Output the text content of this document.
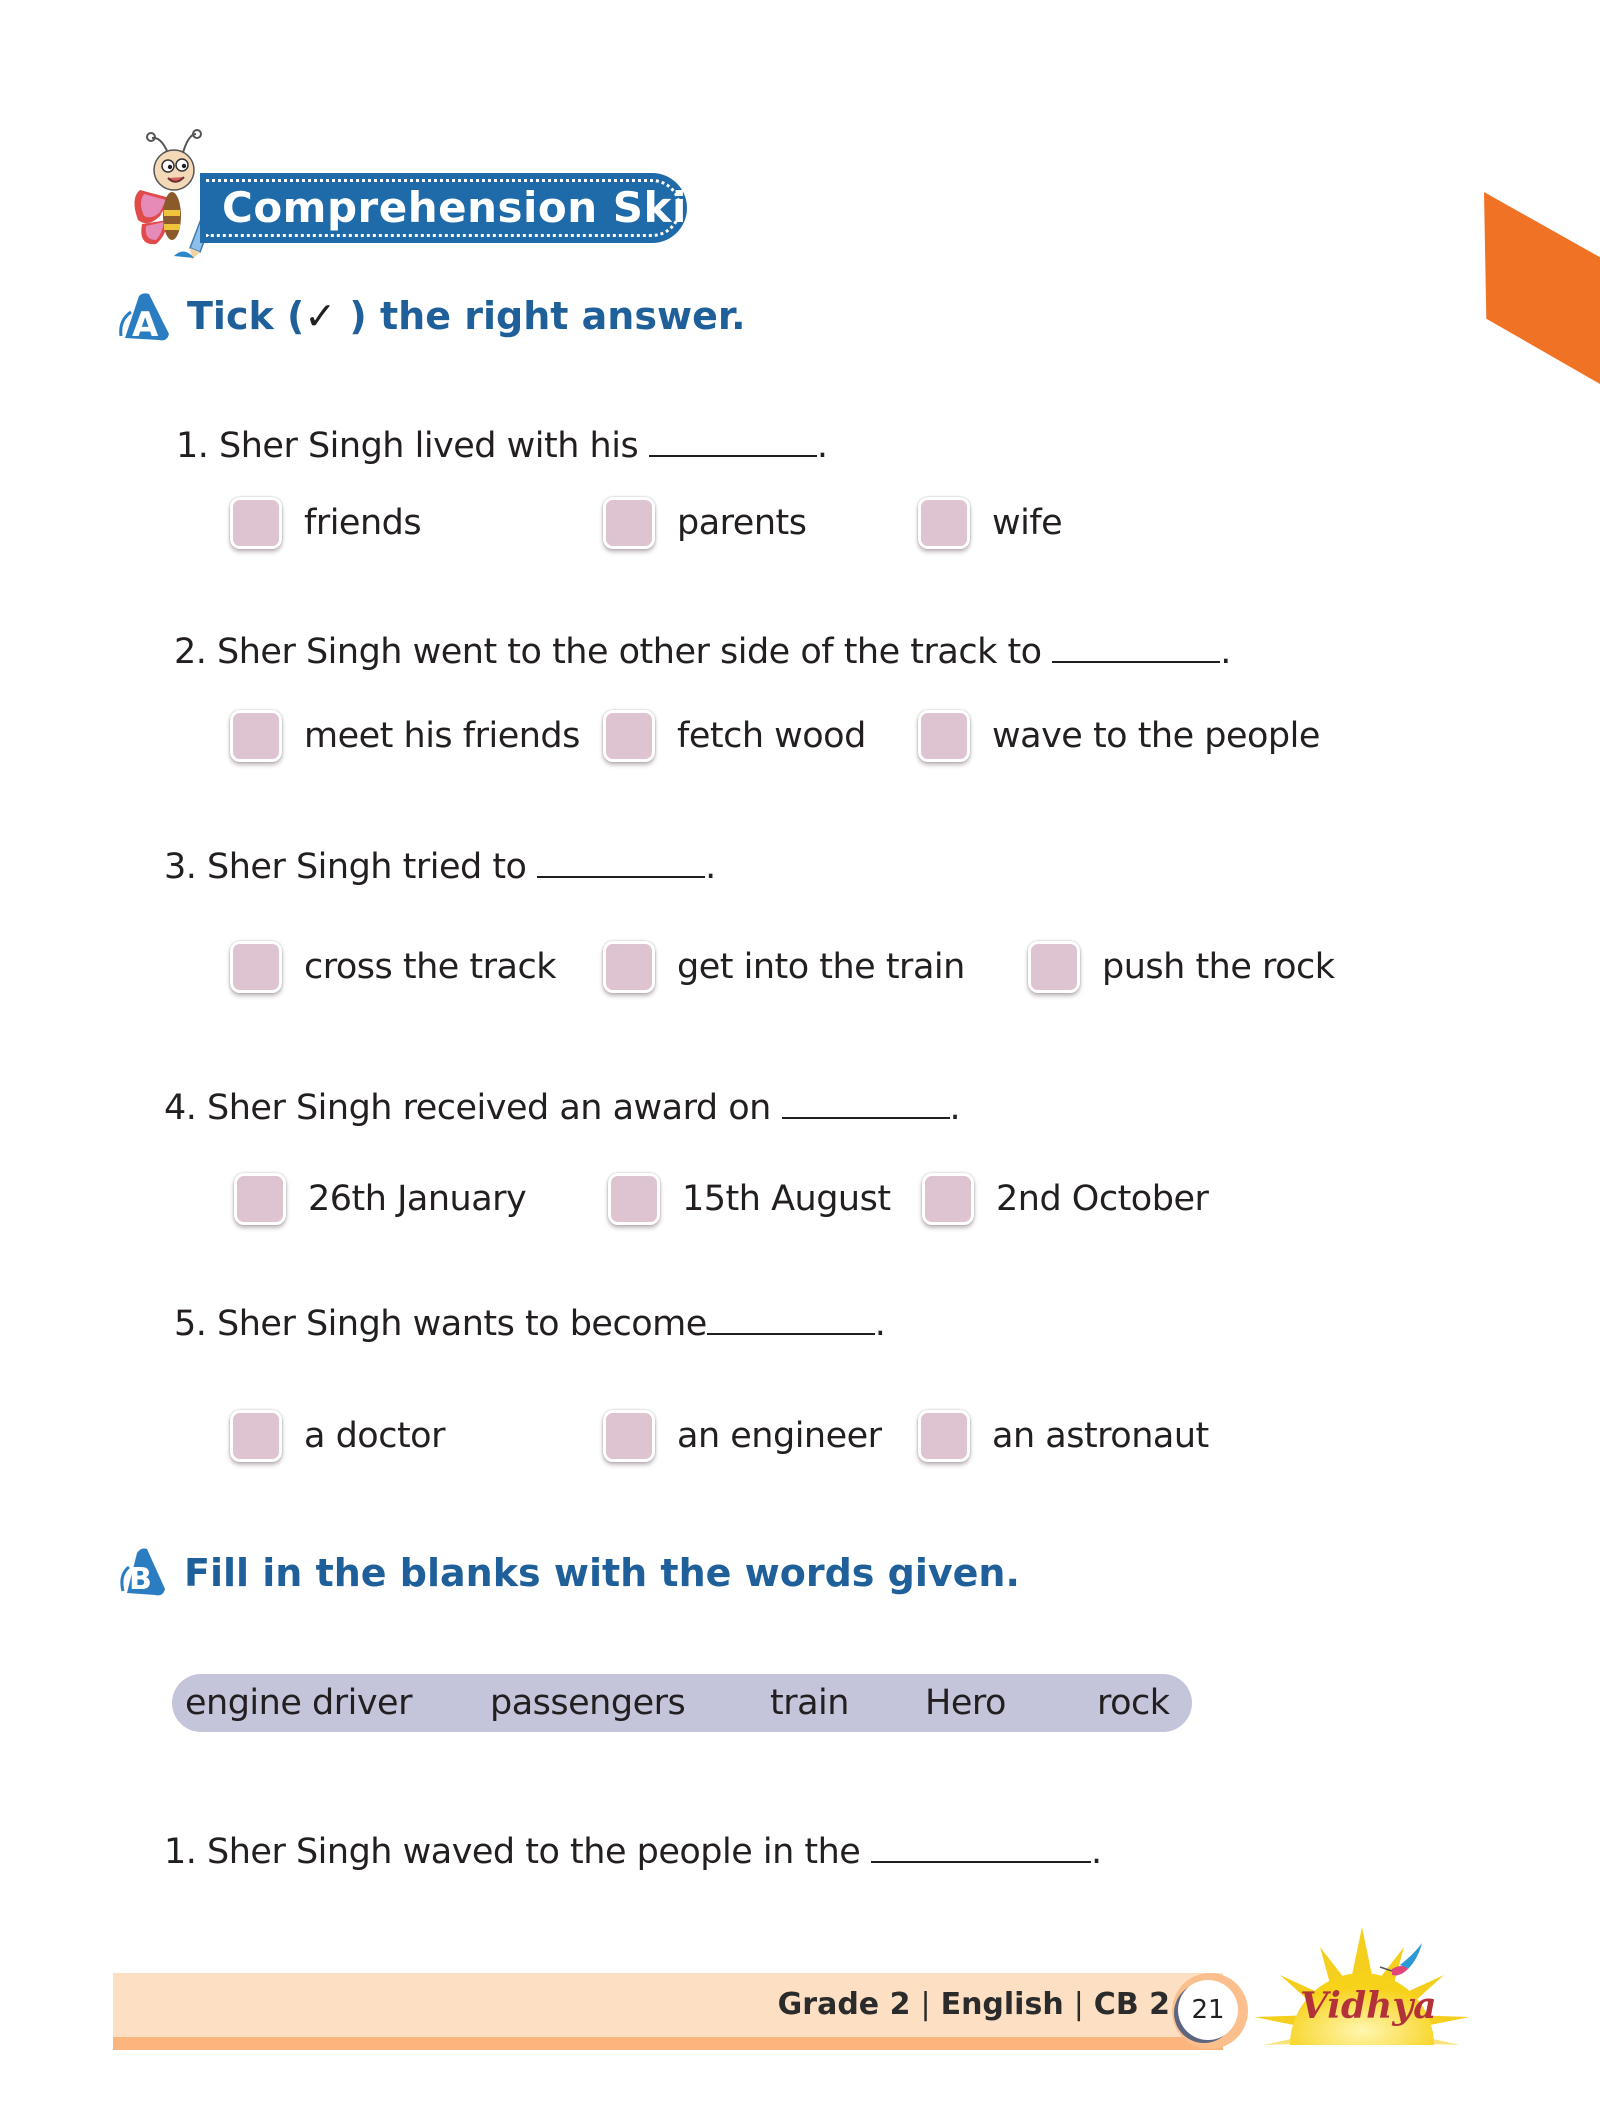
Comprehension Skills
A Tick (✓ ) the right answer.
1. Sher Singh lived with his	.
friends	parents	wife
2. Sher Singh went to the other side of the track to	.
meet his friends	fetch wood	wave to the people
3. Sher Singh tried to	.
cross the track	get into the train	push the rock
4. Sher Singh received an award on	.
26th January	15th August	2nd October
5. Sher Singh wants to become	.
a doctor	an engineer	an astronaut
B Fill in the blanks with the words given.
engine driver passengers train Hero	rock
1. Sher Singh waved to the people in the	.
Grade 2 | English | CB 2 21	Vidhya
